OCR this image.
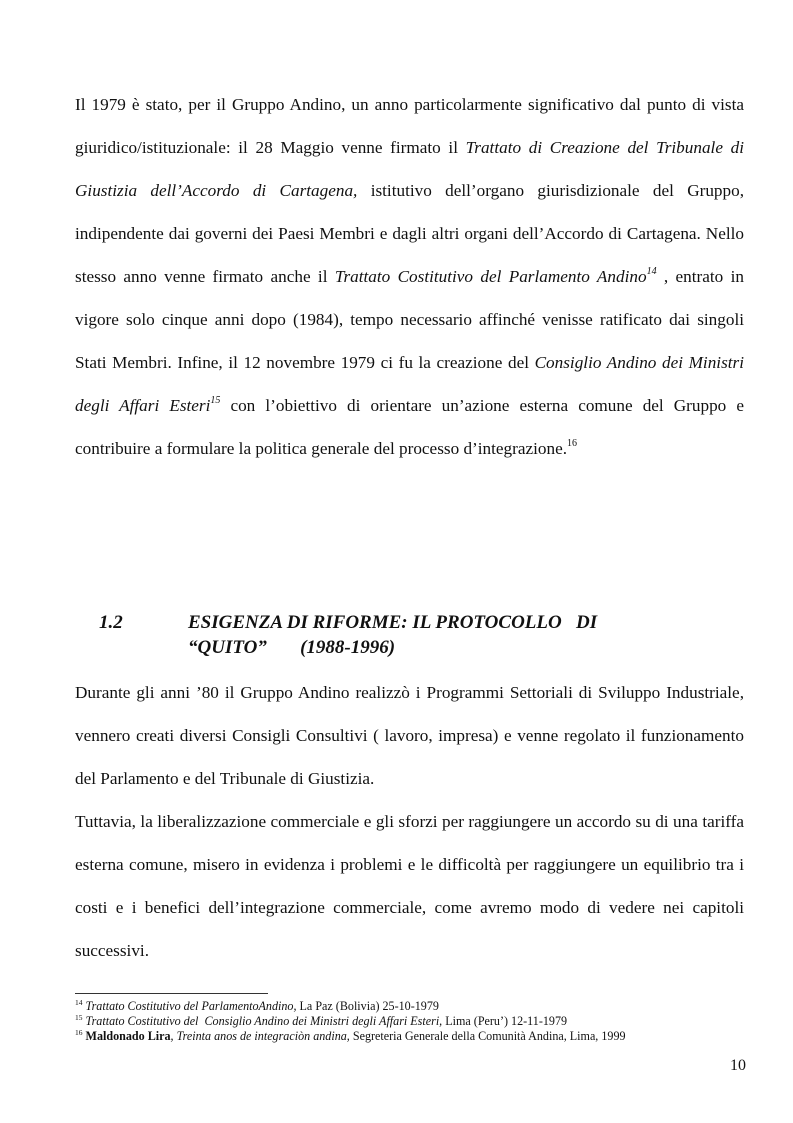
Il 1979 è stato, per il Gruppo Andino, un anno particolarmente significativo dal punto di vista giuridico/istituzionale: il 28 Maggio venne firmato il Trattato di Creazione del Tribunale di Giustizia dell’Accordo di Cartagena, istitutivo dell’organo giurisdizionale del Gruppo, indipendente dai governi dei Paesi Membri e dagli altri organi dell’Accordo di Cartagena. Nello stesso anno venne firmato anche il Trattato Costitutivo del Parlamento Andino$^{14}$ , entrato in vigore solo cinque anni dopo (1984), tempo necessario affinché venisse ratificato dai singoli Stati Membri. Infine, il 12 novembre 1979 ci fu la creazione del Consiglio Andino dei Ministri degli Affari Esteri$^{15}$ con l’obiettivo di orientare un’azione esterna comune del Gruppo e contribuire a formulare la politica generale del processo d’integrazione.$^{16}$

1.2	ESIGENZA DI RIFORME: IL PROTOCOLLO   DI
“QUITO”       (1988-1996)

Durante gli anni ’80 il Gruppo Andino realizzò i Programmi Settoriali di Sviluppo Industriale, vennero creati diversi Consigli Consultivi ( lavoro, impresa) e venne regolato il funzionamento del Parlamento e del Tribunale di Giustizia.

Tuttavia, la liberalizzazione commerciale e gli sforzi per raggiungere un accordo su di una tariffa esterna comune, misero in evidenza i problemi e le difficoltà per raggiungere un equilibrio tra i costi e i benefici dell’integrazione commerciale, come avremo modo di vedere nei capitoli successivi.

$^{14}$ Trattato Costitutivo del ParlamentoAndino, La Paz (Bolivia) 25-10-1979
$^{15}$ Trattato Costitutivo del  Consiglio Andino dei Ministri degli Affari Esteri, Lima (Peru’) 12-11-1979
$^{16}$ Maldonado Lira, Treinta anos de integraciòn andina, Segreteria Generale della Comunità Andina, Lima, 1999
10
